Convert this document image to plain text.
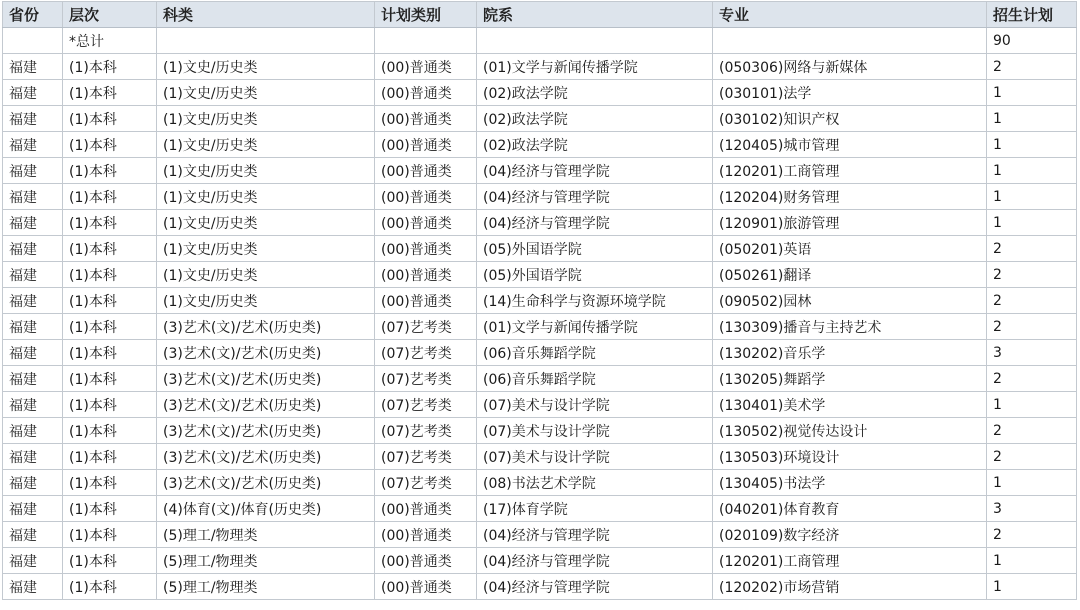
省份	层次	科类	计划类别	院系	专业	招生计划
	*总计					90
福建	(1)本科	(1)文史/历史类	(00)普通类	(01)文学与新闻传播学院	(050306)网络与新媒体	2
福建	(1)本科	(1)文史/历史类	(00)普通类	(02)政法学院	(030101)法学	1
福建	(1)本科	(1)文史/历史类	(00)普通类	(02)政法学院	(030102)知识产权	1
福建	(1)本科	(1)文史/历史类	(00)普通类	(02)政法学院	(120405)城市管理	1
福建	(1)本科	(1)文史/历史类	(00)普通类	(04)经济与管理学院	(120201)工商管理	1
福建	(1)本科	(1)文史/历史类	(00)普通类	(04)经济与管理学院	(120204)财务管理	1
福建	(1)本科	(1)文史/历史类	(00)普通类	(04)经济与管理学院	(120901)旅游管理	1
福建	(1)本科	(1)文史/历史类	(00)普通类	(05)外国语学院	(050201)英语	2
福建	(1)本科	(1)文史/历史类	(00)普通类	(05)外国语学院	(050261)翻译	2
福建	(1)本科	(1)文史/历史类	(00)普通类	(14)生命科学与资源环境学院	(090502)园林	2
福建	(1)本科	(3)艺术(文)/艺术(历史类)	(07)艺考类	(01)文学与新闻传播学院	(130309)播音与主持艺术	2
福建	(1)本科	(3)艺术(文)/艺术(历史类)	(07)艺考类	(06)音乐舞蹈学院	(130202)音乐学	3
福建	(1)本科	(3)艺术(文)/艺术(历史类)	(07)艺考类	(06)音乐舞蹈学院	(130205)舞蹈学	2
福建	(1)本科	(3)艺术(文)/艺术(历史类)	(07)艺考类	(07)美术与设计学院	(130401)美术学	1
福建	(1)本科	(3)艺术(文)/艺术(历史类)	(07)艺考类	(07)美术与设计学院	(130502)视觉传达设计	2
福建	(1)本科	(3)艺术(文)/艺术(历史类)	(07)艺考类	(07)美术与设计学院	(130503)环境设计	2
福建	(1)本科	(3)艺术(文)/艺术(历史类)	(07)艺考类	(08)书法艺术学院	(130405)书法学	1
福建	(1)本科	(4)体育(文)/体育(历史类)	(00)普通类	(17)体育学院	(040201)体育教育	3
福建	(1)本科	(5)理工/物理类	(00)普通类	(04)经济与管理学院	(020109)数字经济	2
福建	(1)本科	(5)理工/物理类	(00)普通类	(04)经济与管理学院	(120201)工商管理	1
福建	(1)本科	(5)理工/物理类	(00)普通类	(04)经济与管理学院	(120202)市场营销	1
